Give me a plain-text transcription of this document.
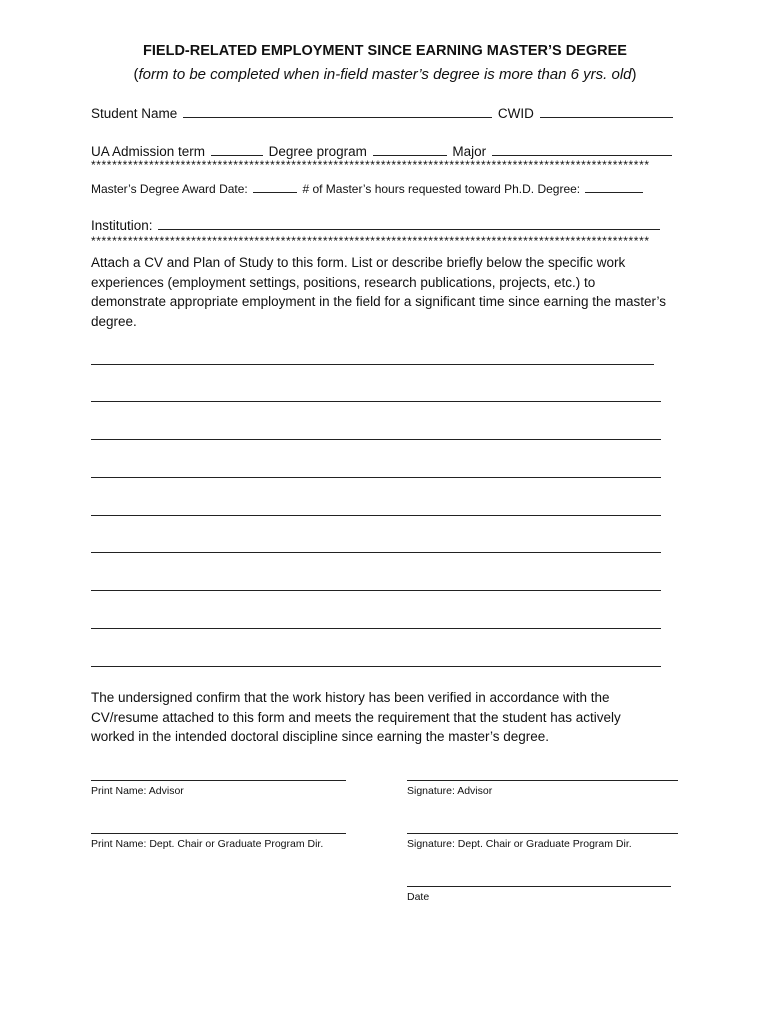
FIELD-RELATED EMPLOYMENT SINCE EARNING MASTER’S DEGREE
(form to be completed when in-field master’s degree is more than 6 yrs. old)
Student Name	CWID
UA Admission term	Degree program	Major
**********************************************************************************************************
Master’s Degree Award Date:	# of Master’s hours requested toward Ph.D. Degree:
Institution:
**********************************************************************************************************
Attach a CV and Plan of Study to this form. List or describe briefly below the specific work experiences (employment settings, positions, research publications, projects, etc.) to demonstrate appropriate employment in the field for a significant time since earning the master’s degree.
The undersigned confirm that the work history has been verified in accordance with the CV/resume attached to this form and meets the requirement that the student has actively worked in the intended doctoral discipline since earning the master’s degree.
Print Name: Advisor	Signature: Advisor
Print Name: Dept. Chair or Graduate Program Dir.	Signature: Dept. Chair or Graduate Program Dir.
Date
